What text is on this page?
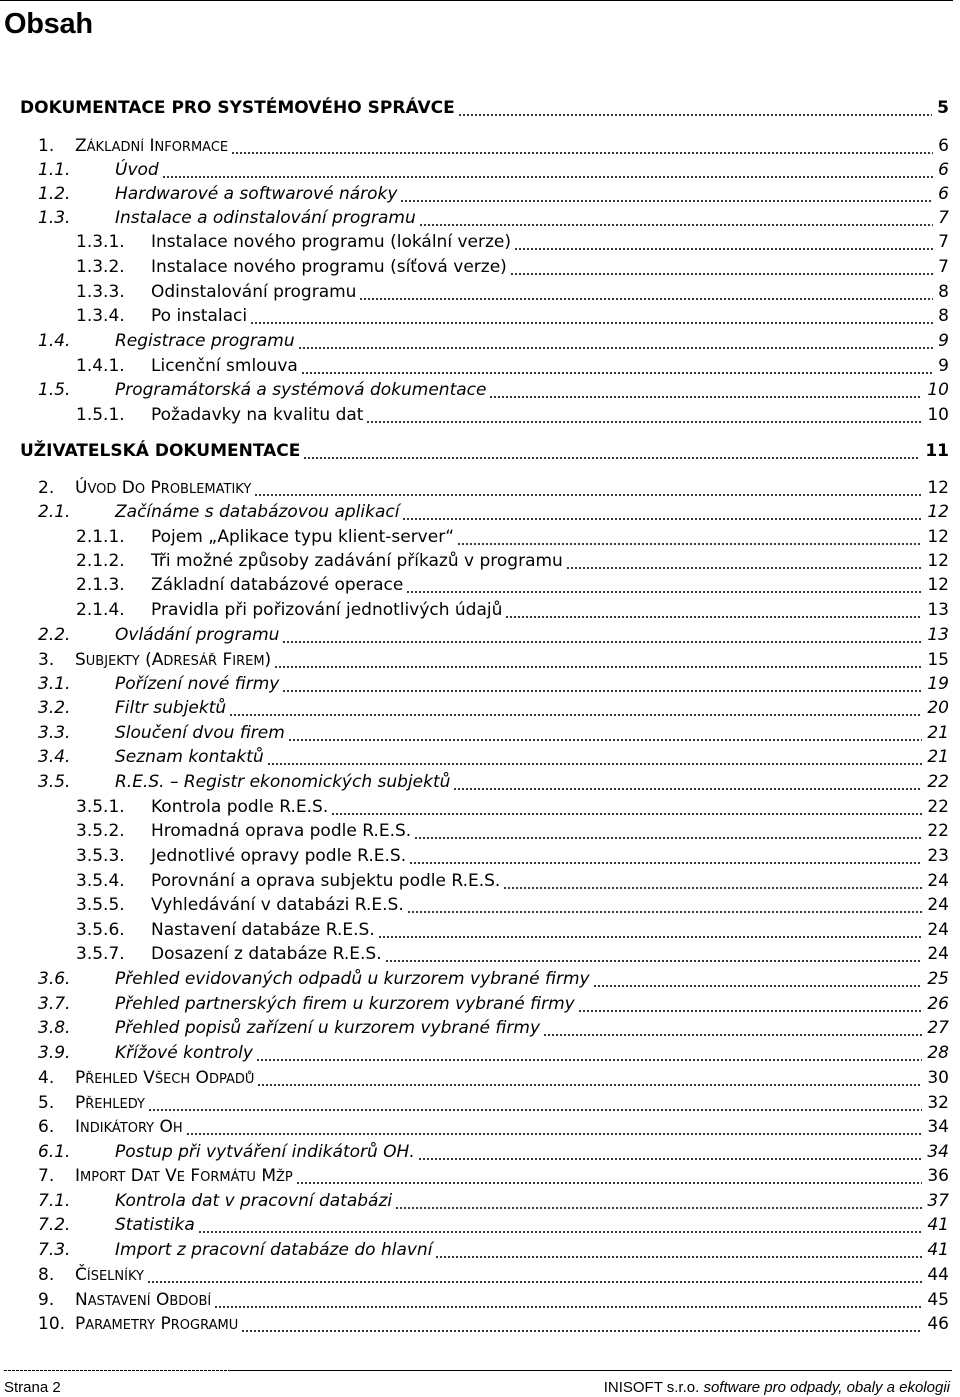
Obsah
DOKUMENTACE PRO SYSTÉMOVÉHO SPRÁVCE	5
1. ZÁKLADNÍ INFORMACE	6
1.1.	Úvod	6
1.2.	Hardwarové a softwarové nároky	6
1.3.	Instalace a odinstalování programu	7
1.3.1. Instalace nového programu (lokální verze)	7
1.3.2. Instalace nového programu (síťová verze)	7
1.3.3. Odinstalování programu	8
1.3.4. Po instalaci	8
1.4.	Registrace programu	9
1.4.1. Licenční smlouva	9
1.5.	Programátorská a systémová dokumentace	10
1.5.1. Požadavky na kvalitu dat	10
UŽIVATELSKÁ DOKUMENTACE	11
2. ÚVOD DO PROBLEMATIKY	12
2.1.	Začínáme s databázovou aplikací	12
2.1.1. Pojem „Aplikace typu klient-server“	12
2.1.2. Tři možné způsoby zadávání příkazů v programu	12
2.1.3. Základní databázové operace	12
2.1.4. Pravidla při pořizování jednotlivých údajů	13
2.2.	Ovládání programu	13
3. SUBJEKTY (ADRESÁŘ FIREM)	15
3.1.	Pořízení nové firmy	19
3.2.	Filtr subjektů	20
3.3.	Sloučení dvou firem	21
3.4.	Seznam kontaktů	21
3.5.	R.E.S. – Registr ekonomických subjektů	22
3.5.1. Kontrola podle R.E.S.	22
3.5.2. Hromadná oprava podle R.E.S.	22
3.5.3. Jednotlivé opravy podle R.E.S.	23
3.5.4. Porovnání a oprava subjektu podle R.E.S.	24
3.5.5. Vyhledávání v databázi R.E.S.	24
3.5.6. Nastavení databáze R.E.S.	24
3.5.7. Dosazení z databáze R.E.S.	24
3.6.	Přehled evidovaných odpadů u kurzorem vybrané firmy	25
3.7.	Přehled partnerských firem u kurzorem vybrané firmy	26
3.8.	Přehled popisů zařízení u kurzorem vybrané firmy	27
3.9.	Křížové kontroly	28
4. PŘEHLED VŠECH ODPADŮ	30
5. PŘEHLEDY	32
6. INDIKÁTORY OH	34
6.1.	Postup při vytváření indikátorů OH.	34
7. IMPORT DAT VE FORMÁTU MŽP	36
7.1.	Kontrola dat v pracovní databázi	37
7.2.	Statistika	41
7.3.	Import z pracovní databáze do hlavní	41
8. ČÍSELNÍKY	44
9. NASTAVENÍ OBDOBÍ	45
10. PARAMETRY PROGRAMU	46
Strana 2	INISOFT s.r.o. software pro odpady, obaly a ekologii
